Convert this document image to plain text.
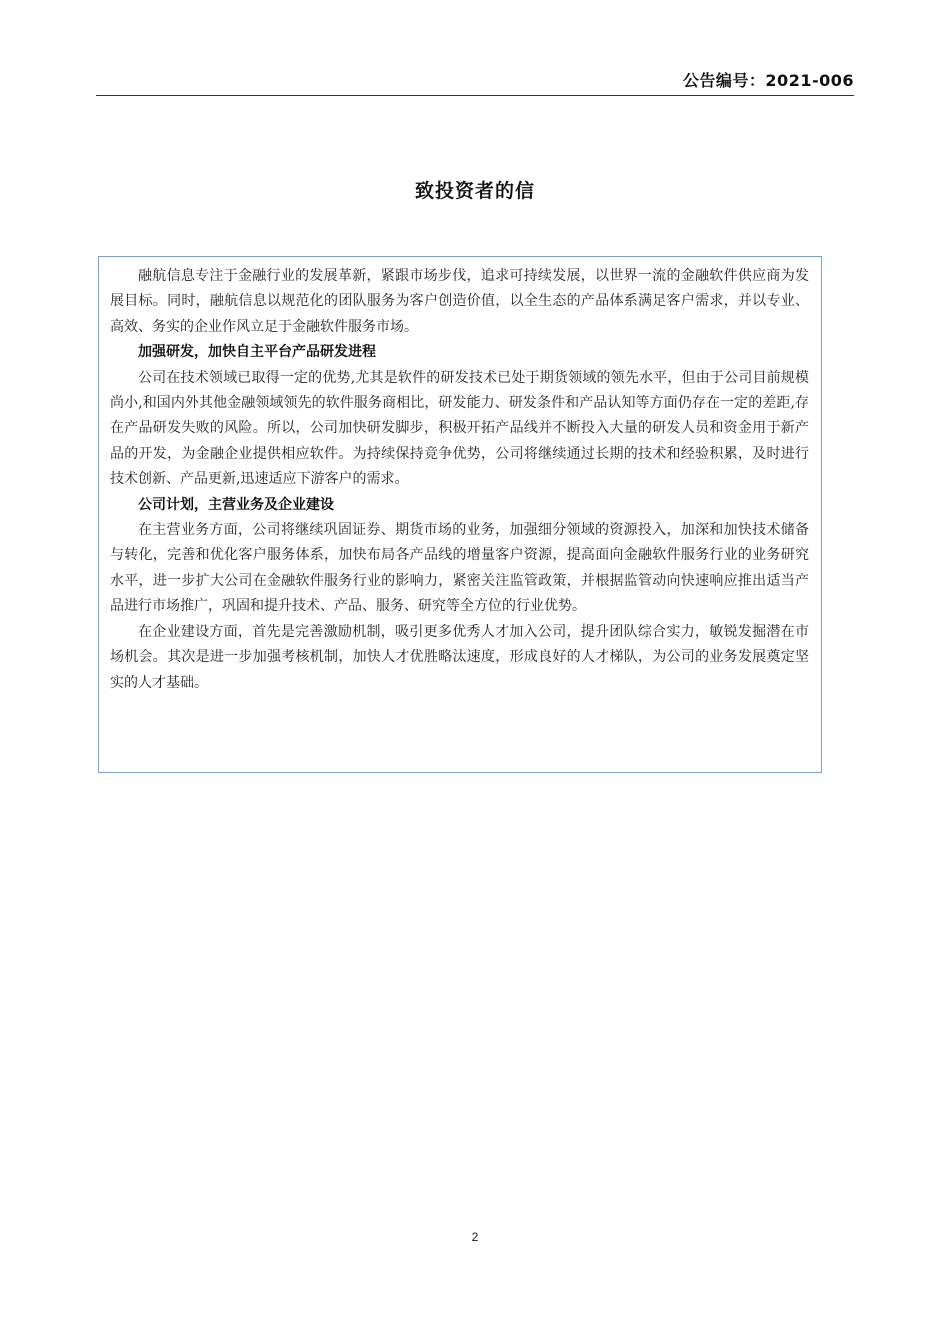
公告编号：2021-006
致投资者的信

融航信息专注于金融行业的发展革新，紧跟市场步伐，追求可持续发展，以世界一流的金融软件供应商为发展目标。同时，融航信息以规范化的团队服务为客户创造价值，以全生态的产品体系满足客户需求，并以专业、高效、务实的企业作风立足于金融软件服务市场。

加强研发，加快自主平台产品研发进程

公司在技术领域已取得一定的优势,尤其是软件的研发技术已处于期货领域的领先水平，但由于公司目前规模尚小,和国内外其他金融领域领先的软件服务商相比，研发能力、研发条件和产品认知等方面仍存在一定的差距,存在产品研发失败的风险。所以，公司加快研发脚步，积极开拓产品线并不断投入大量的研发人员和资金用于新产品的开发，为金融企业提供相应软件。为持续保持竞争优势，公司将继续通过长期的技术和经验积累，及时进行技术创新、产品更新,迅速适应下游客户的需求。

公司计划，主营业务及企业建设

在主营业务方面，公司将继续巩固证券、期货市场的业务，加强细分领域的资源投入，加深和加快技术储备与转化，完善和优化客户服务体系，加快布局各产品线的增量客户资源，提高面向金融软件服务行业的业务研究水平，进一步扩大公司在金融软件服务行业的影响力，紧密关注监管政策，并根据监管动向快速响应推出适当产品进行市场推广，巩固和提升技术、产品、服务、研究等全方位的行业优势。

在企业建设方面，首先是完善激励机制，吸引更多优秀人才加入公司，提升团队综合实力，敏锐发掘潜在市场机会。其次是进一步加强考核机制，加快人才优胜略汰速度，形成良好的人才梯队，为公司的业务发展奠定坚实的人才基础。

2
